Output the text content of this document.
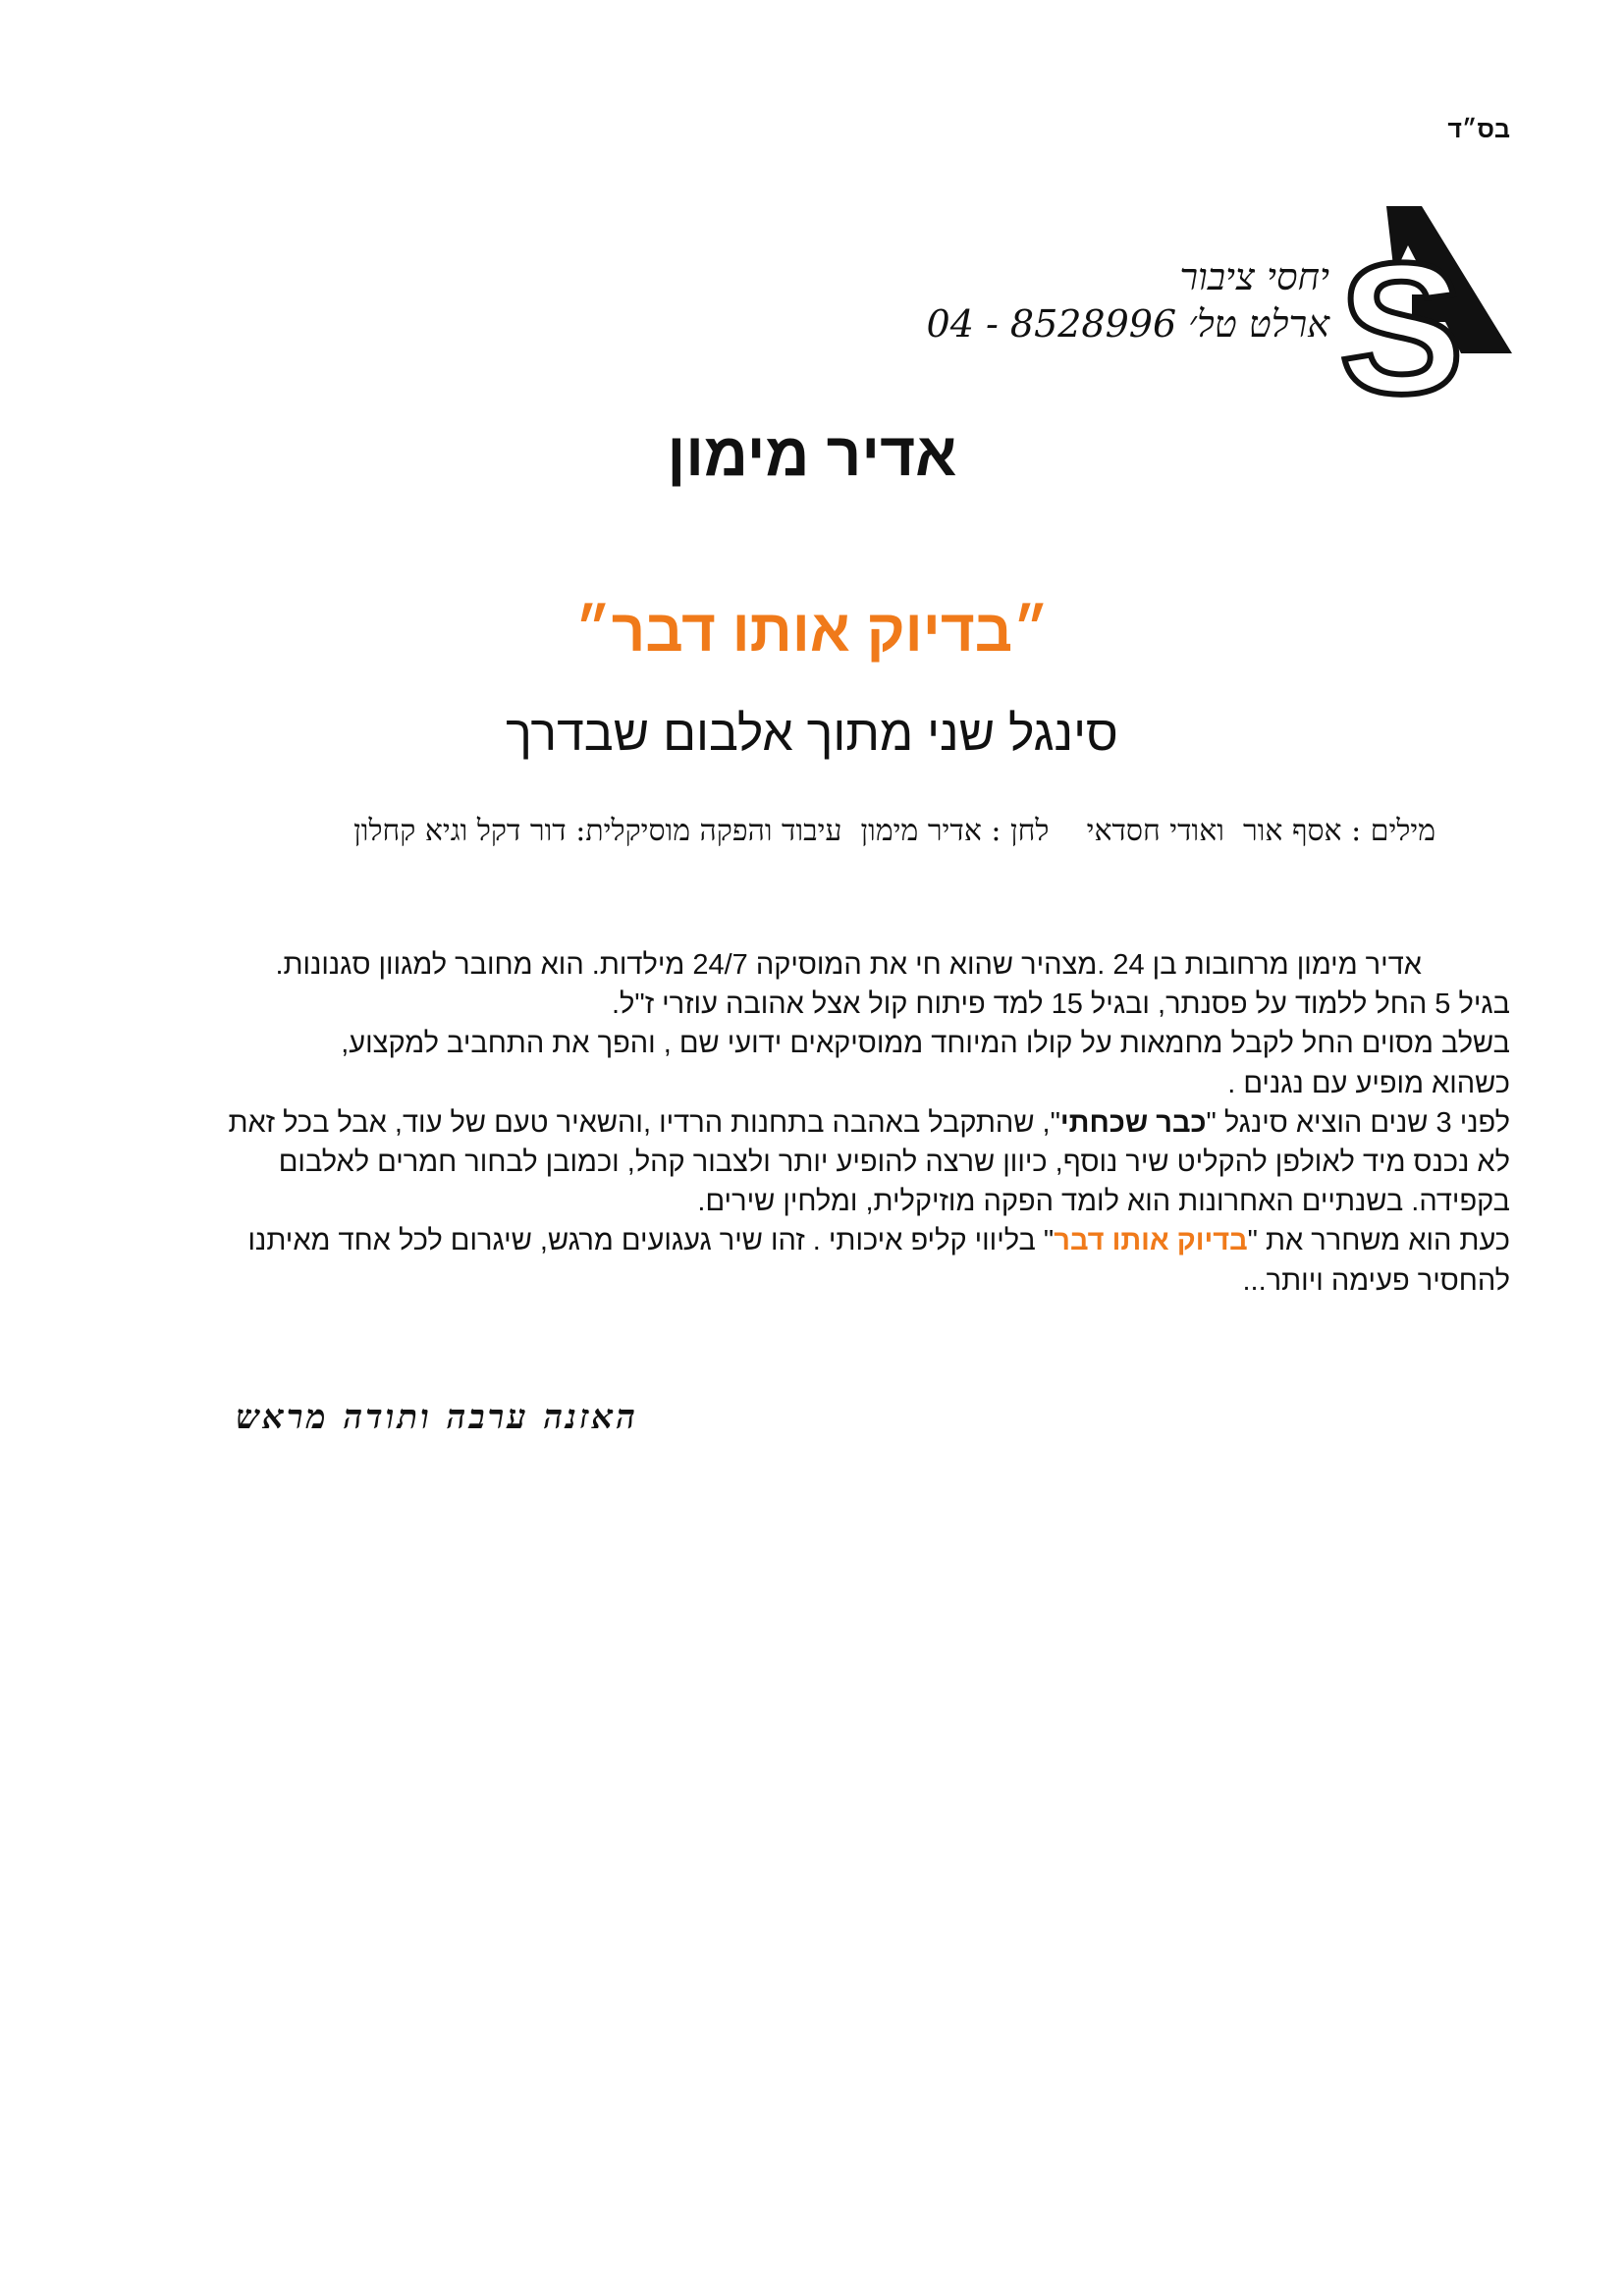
בס״ד
S
יחסי ציבור
ארלט טל׳ 8528996 - 04
אדיר מימון
״בדיוק אותו דבר״
סינגל שני מתוך אלבום שבדרך
מילים : אסף אור  ואודי חסדאי    לחן : אדיר מימון  עיבוד והפקה מוסיקלית: דור דקל וגיא קחלון

אדיר מימון מרחובות בן 24 .מצהיר שהוא חי את המוסיקה 24/7 מילדות. הוא מחובר למגוון סגנונות.

בגיל 5 החל ללמוד על פסנתר, ובגיל 15 למד פיתוח קול אצל אהובה עוזרי ז"ל.

בשלב מסוים החל לקבל מחמאות על קולו המיוחד ממוסיקאים ידועי שם , והפך את התחביב למקצוע,

כשהוא מופיע עם נגנים .

לפני 3 שנים הוציא סינגל "כבר שכחתי", שהתקבל באהבה בתחנות הרדיו ,והשאיר טעם של עוד, אבל בכל זאת

לא נכנס מיד לאולפן להקליט שיר נוסף, כיוון שרצה להופיע יותר ולצבור קהל, וכמובן לבחור חמרים לאלבום

בקפידה. בשנתיים האחרונות הוא לומד הפקה מוזיקלית, ומלחין שירים.

כעת הוא משחרר את "בדיוק אותו דבר" בליווי קליפ איכותי . זהו שיר געגועים מרגש, שיגרום לכל אחד מאיתנו

להחסיר פעימה ויותר...

האזנה ערבה ותודה מראש
